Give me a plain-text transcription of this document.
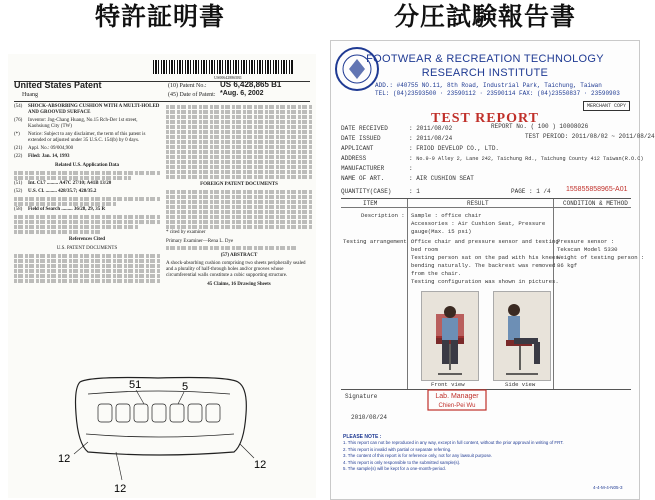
特許証明書	分圧試験報告書
US006428865B1
United States Patent	(10) Patent No.: US 6,428,865 B1
Huang	(45) Date of Patent: *Aug. 6, 2002
(54)	SHOCK-ABSORBING CUSHION WITH A MULTI-HOLED AND GROOVED SURFACE
(76)	Inventor: Jng-Chang Huang, No.15 Rch-Der 1st street, Kaohsiung City (TW)
(*)	Notice: Subject to any disclaimer, the term of this patent is extended or adjusted under 35 U.S.C. 154(b) by 0 days.
(21)	Appl. No.: 09/004,900
(22)	Filed: Jan. 14, 1993
Related U.S. Application Data
(51)	Int. Cl.7 ......... A47C 27/10; A41B 13/20
(52)	U.S. Cl. ......... 428/35.7; 428/35.2
(58)	Field of Search ......... 36/28, 29, 35 R
References Cited
U.S. PATENT DOCUMENTS
FOREIGN PATENT DOCUMENTS
* cited by examiner
Primary Examiner—Rena L. Dye
(57) ABSTRACT
A shock-absorbing cushion comprising two sheets peripherally sealed and a plurality of half-through holes and/or grooves whose circumferential walls constitute a cubic supporting structure.
45 Claims, 16 Drawing Sheets
51	5
12
12
12
FOOTWEAR & RECREATION TECHNOLOGY
RESEARCH INSTITUTE
ADD.: #40755 NO.11, 8th Road, Industrial Park, Taichung, Taiwan
TEL: (04)23593500 · 23590112 · 23590114 FAX: (04)23550837 · 23590903
MERCHANT COPY
TEST REPORT
DATE RECEIVED	: 2011/08/02	REPORT No. ( 100 ) 10008026
DATE ISSUED	: 2011/08/24	TEST PERIOD: 2011/08/02 ~ 2011/08/24
APPLICANT	: FRIOD DEVELOP CO., LTD.
ADDRESS	: No.9-9 Alley 2, Lane 242, Taichung Rd., Taichung County 412 Taiwan(R.O.C)
MANUFACTURER	:
NAME OF ART.	: AIR CUSHION SEAT
QUANTITY(CASE)	: 1	PAGE : 1 /4 155855858965-A01
ITEM	RESULT	CONDITION & METHOD
Description : Sample : office chair
Accessories : Air Cushion Seat, Pressure
gauge(Max. 15 psi)
Testing arrangement :
Office chair and pressure sensor and testing
bed room
Testing person sat on the pad with his knees
bending naturally. The backrest was removed
from the chair.
Testing configuration was shown in pictures.
Pressure sensor :
Tekscan Model 5330
Weight of testing person :
86 kgf
Front view	Side view
Signature	Lab. Manager
Chien-Pei Wu
2010/08/24
PLEASE NOTE :
1. This report can not be reproduced in any way, except in full content, without the prior approval in writing of FRT.
2. This report is invalid with partial or separate referring.
3. The content of this report is for reference only, not for any lawsuit purpose.
4. This report is only responsible to the submitted sample(s).
5. The sample(s) will be kept for a one-month-period.
4-4-M-4-N05-3
